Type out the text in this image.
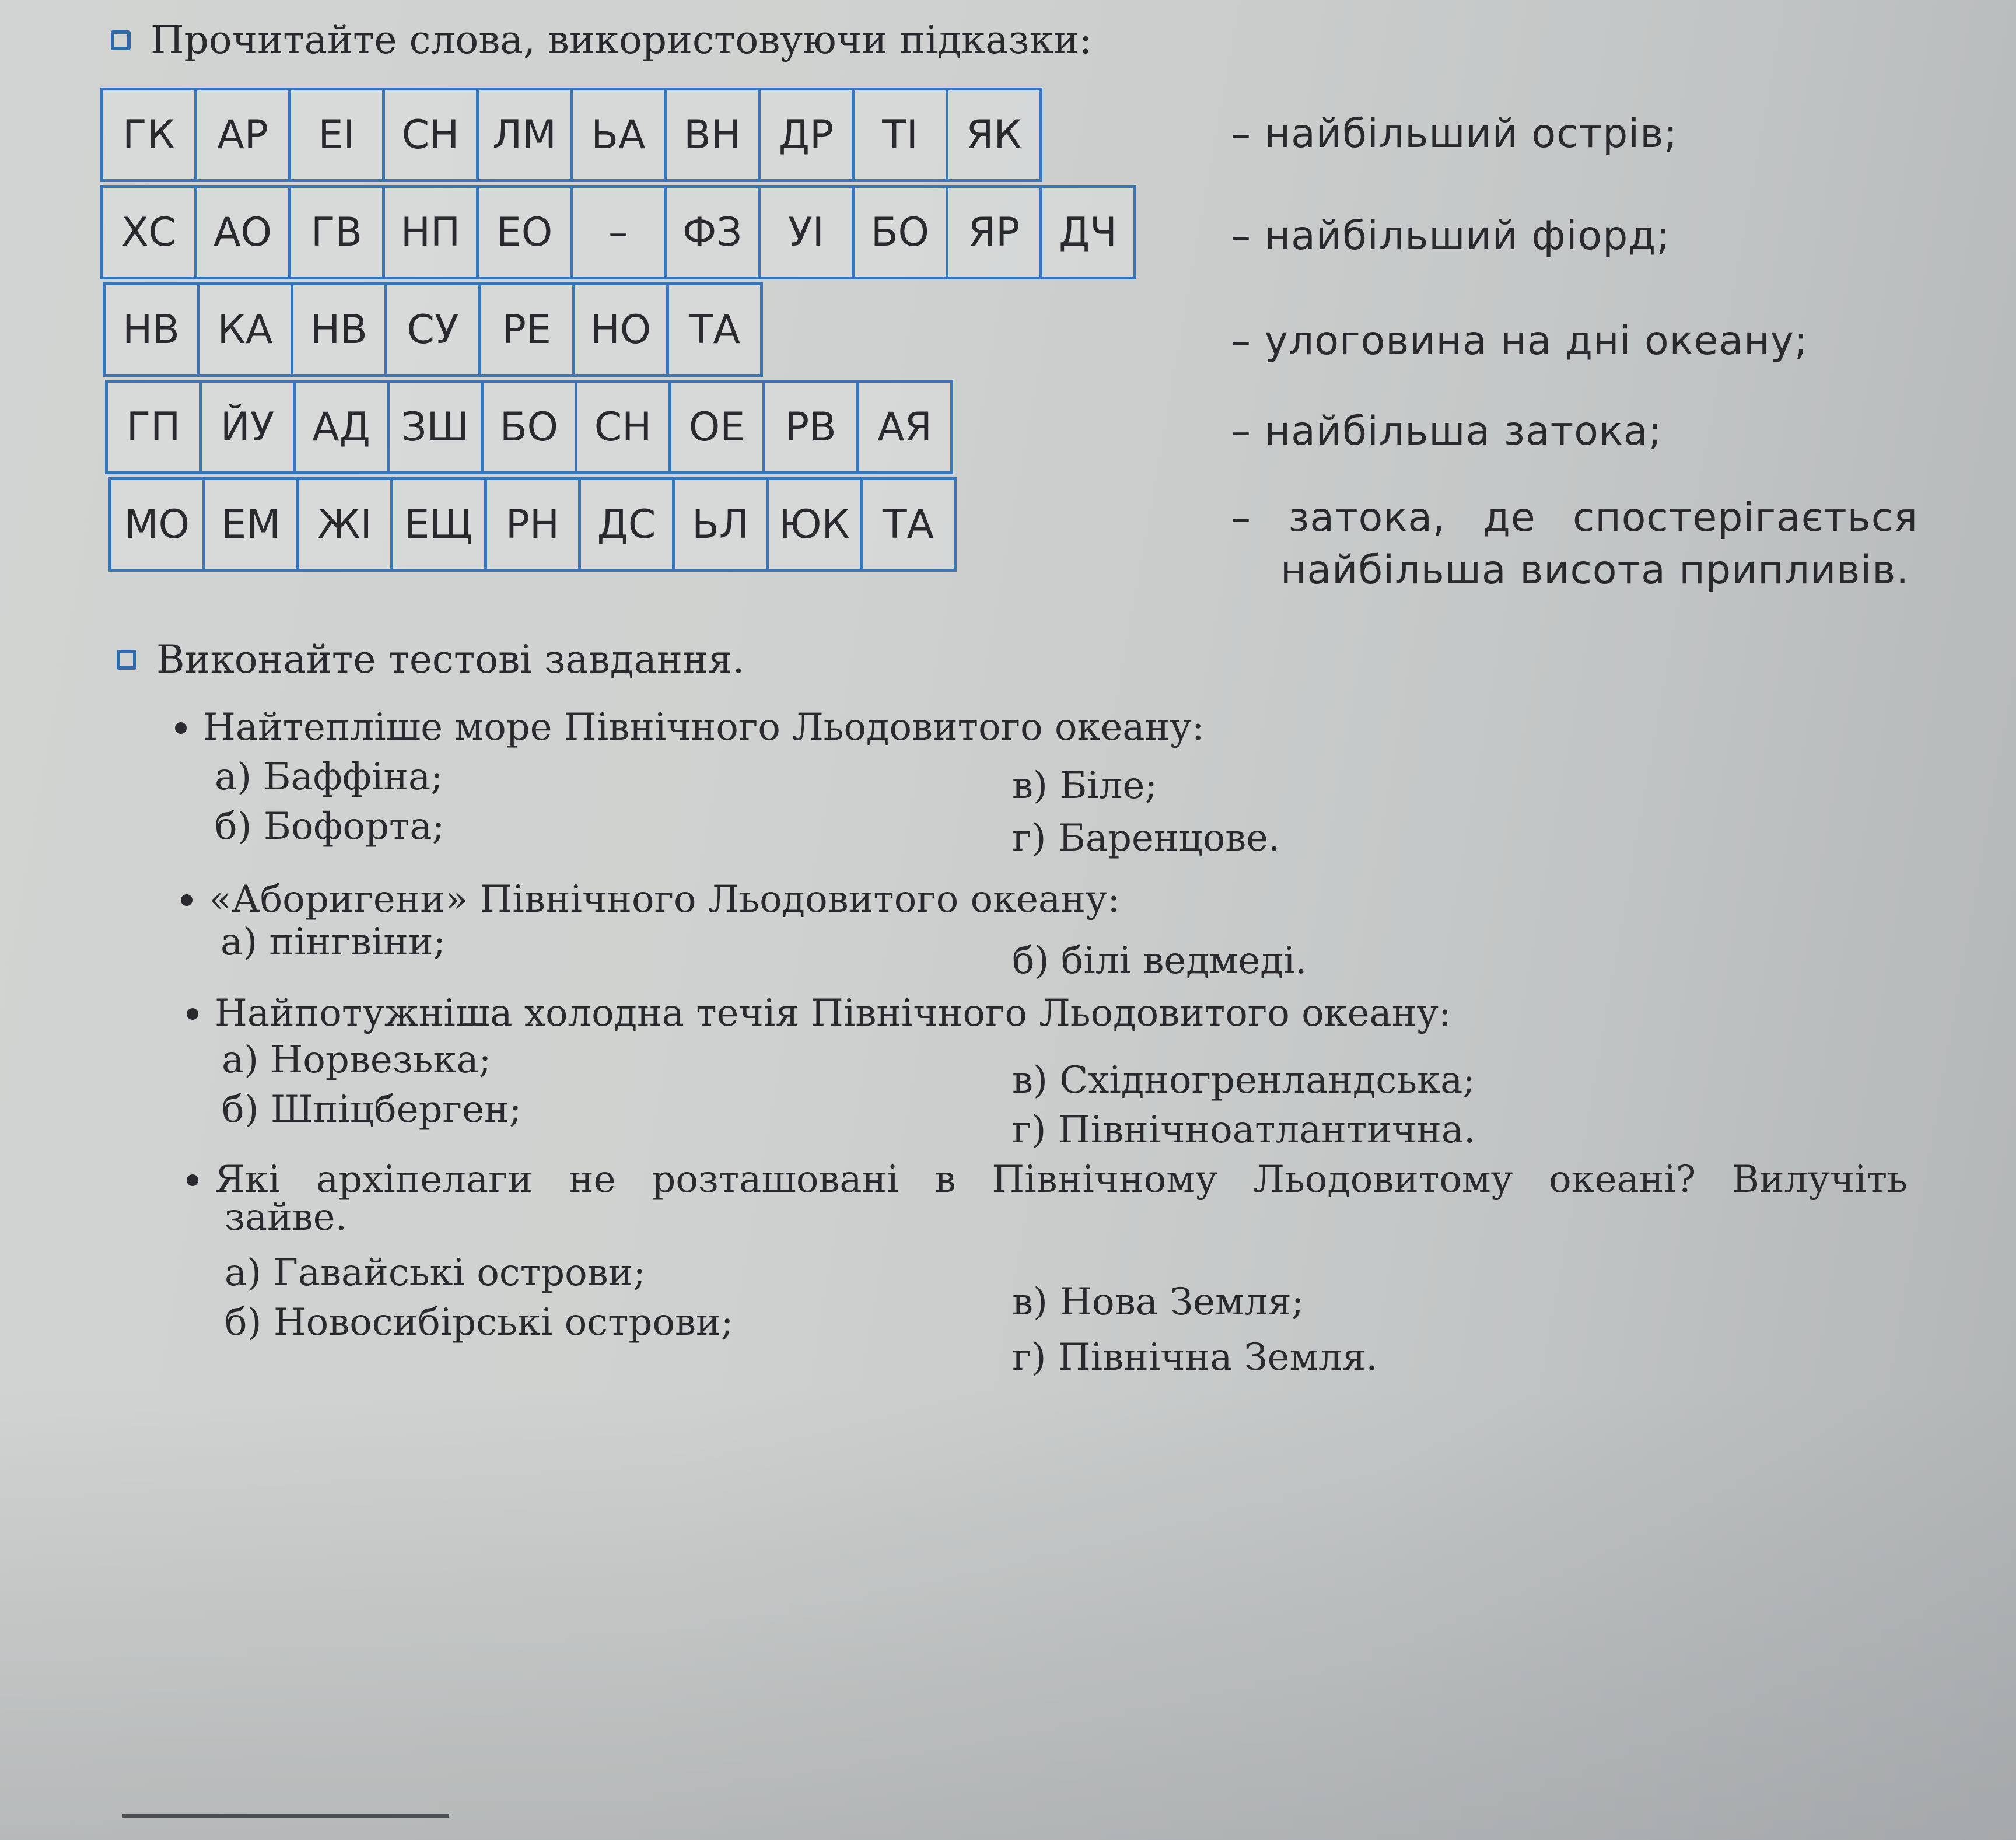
Прочитайте слова, використовуючи підказки:
ГК	АР	ЕІ	СН ЛМ ЬА ВН ДР	ТІ	ЯК
ХС АО ГВ НП ЕО	–	ФЗ	УІ	БО ЯР ДЧ
НВ КА НВ СУ	РЕ НО ТА
ГП	ЙУ АД ЗШ БО СН ОЕ	РВ	АЯ
МО ЕМ ЖІ ЕЩ РН ДС ЬЛ ЮК ТА
– найбільший острів;
– найбільший фіорд;
– улоговина на дні океану;
– найбільша затока;
– затока, де спостерігається
найбільша висота припливів.
Виконайте тестові завдання.
Найтепліше море Північного Льодовитого океану:
а) Баффіна;	в) Біле;
б) Бофорта;	г) Баренцове.
«Аборигени» Північного Льодовитого океану:
а) пінгвіни;	б) білі ведмеді.
Найпотужніша холодна течія Північного Льодовитого океану:
а) Норвезька;	в) Східногренландська;
б) Шпіцберген;	г) Північноатлантична.
Які архіпелаги не розташовані в Північному Льодовитому океані? Вилучіть
зайве.
а) Гавайські острови;
в) Нова Земля;
б) Новосибірські острови;
г) Північна Земля.
